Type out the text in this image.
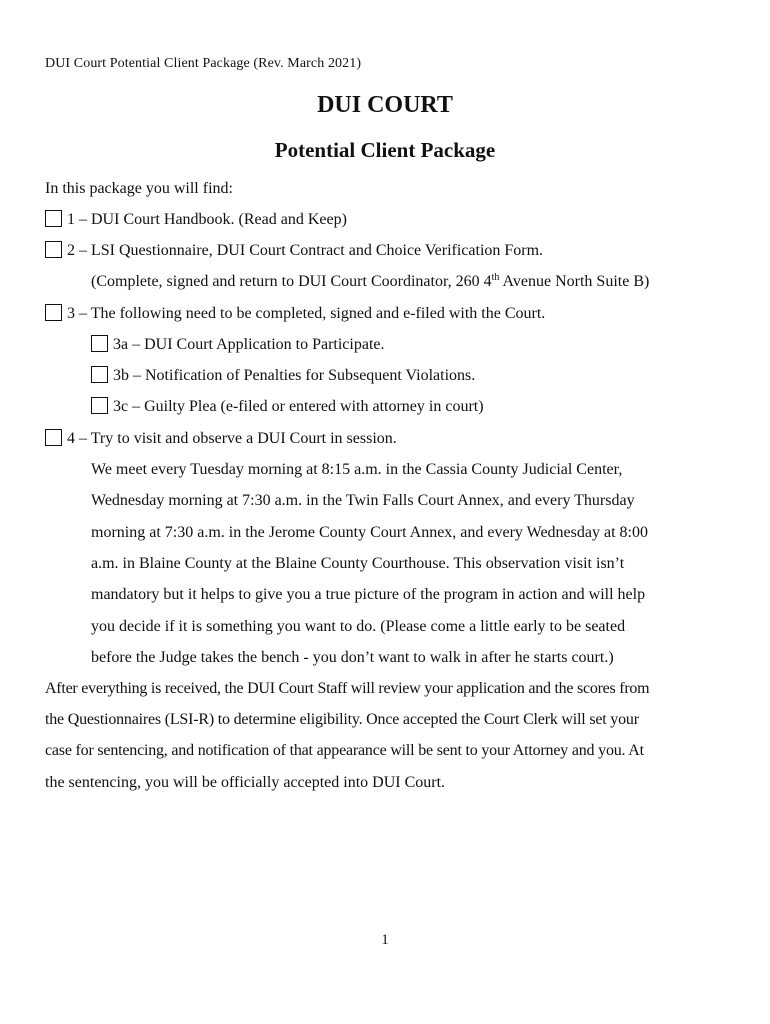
DUI Court Potential Client Package (Rev. March 2021)
DUI COURT
Potential Client Package
In this package you will find:
1 – DUI Court Handbook. (Read and Keep)
2 – LSI Questionnaire, DUI Court Contract and Choice Verification Form.
(Complete, signed and return to DUI Court Coordinator, 260 4th Avenue North Suite B)
3 – The following need to be completed, signed and e-filed with the Court.
3a – DUI Court Application to Participate.
3b – Notification of Penalties for Subsequent Violations.
3c – Guilty Plea (e-filed or entered with attorney in court)
4 – Try to visit and observe a DUI Court in session.
We meet every Tuesday morning at 8:15 a.m. in the Cassia County Judicial Center,
Wednesday morning at 7:30 a.m. in the Twin Falls Court Annex, and every Thursday
morning at 7:30 a.m. in the Jerome County Court Annex, and every Wednesday at 8:00
a.m. in Blaine County at the Blaine County Courthouse. This observation visit isn’t
mandatory but it helps to give you a true picture of the program in action and will help
you decide if it is something you want to do. (Please come a little early to be seated
before the Judge takes the bench - you don’t want to walk in after he starts court.)
After everything is received, the DUI Court Staff will review your application and the scores from
the Questionnaires (LSI-R) to determine eligibility. Once accepted the Court Clerk will set your
case for sentencing, and notification of that appearance will be sent to your Attorney and you. At
the sentencing, you will be officially accepted into DUI Court.
1
